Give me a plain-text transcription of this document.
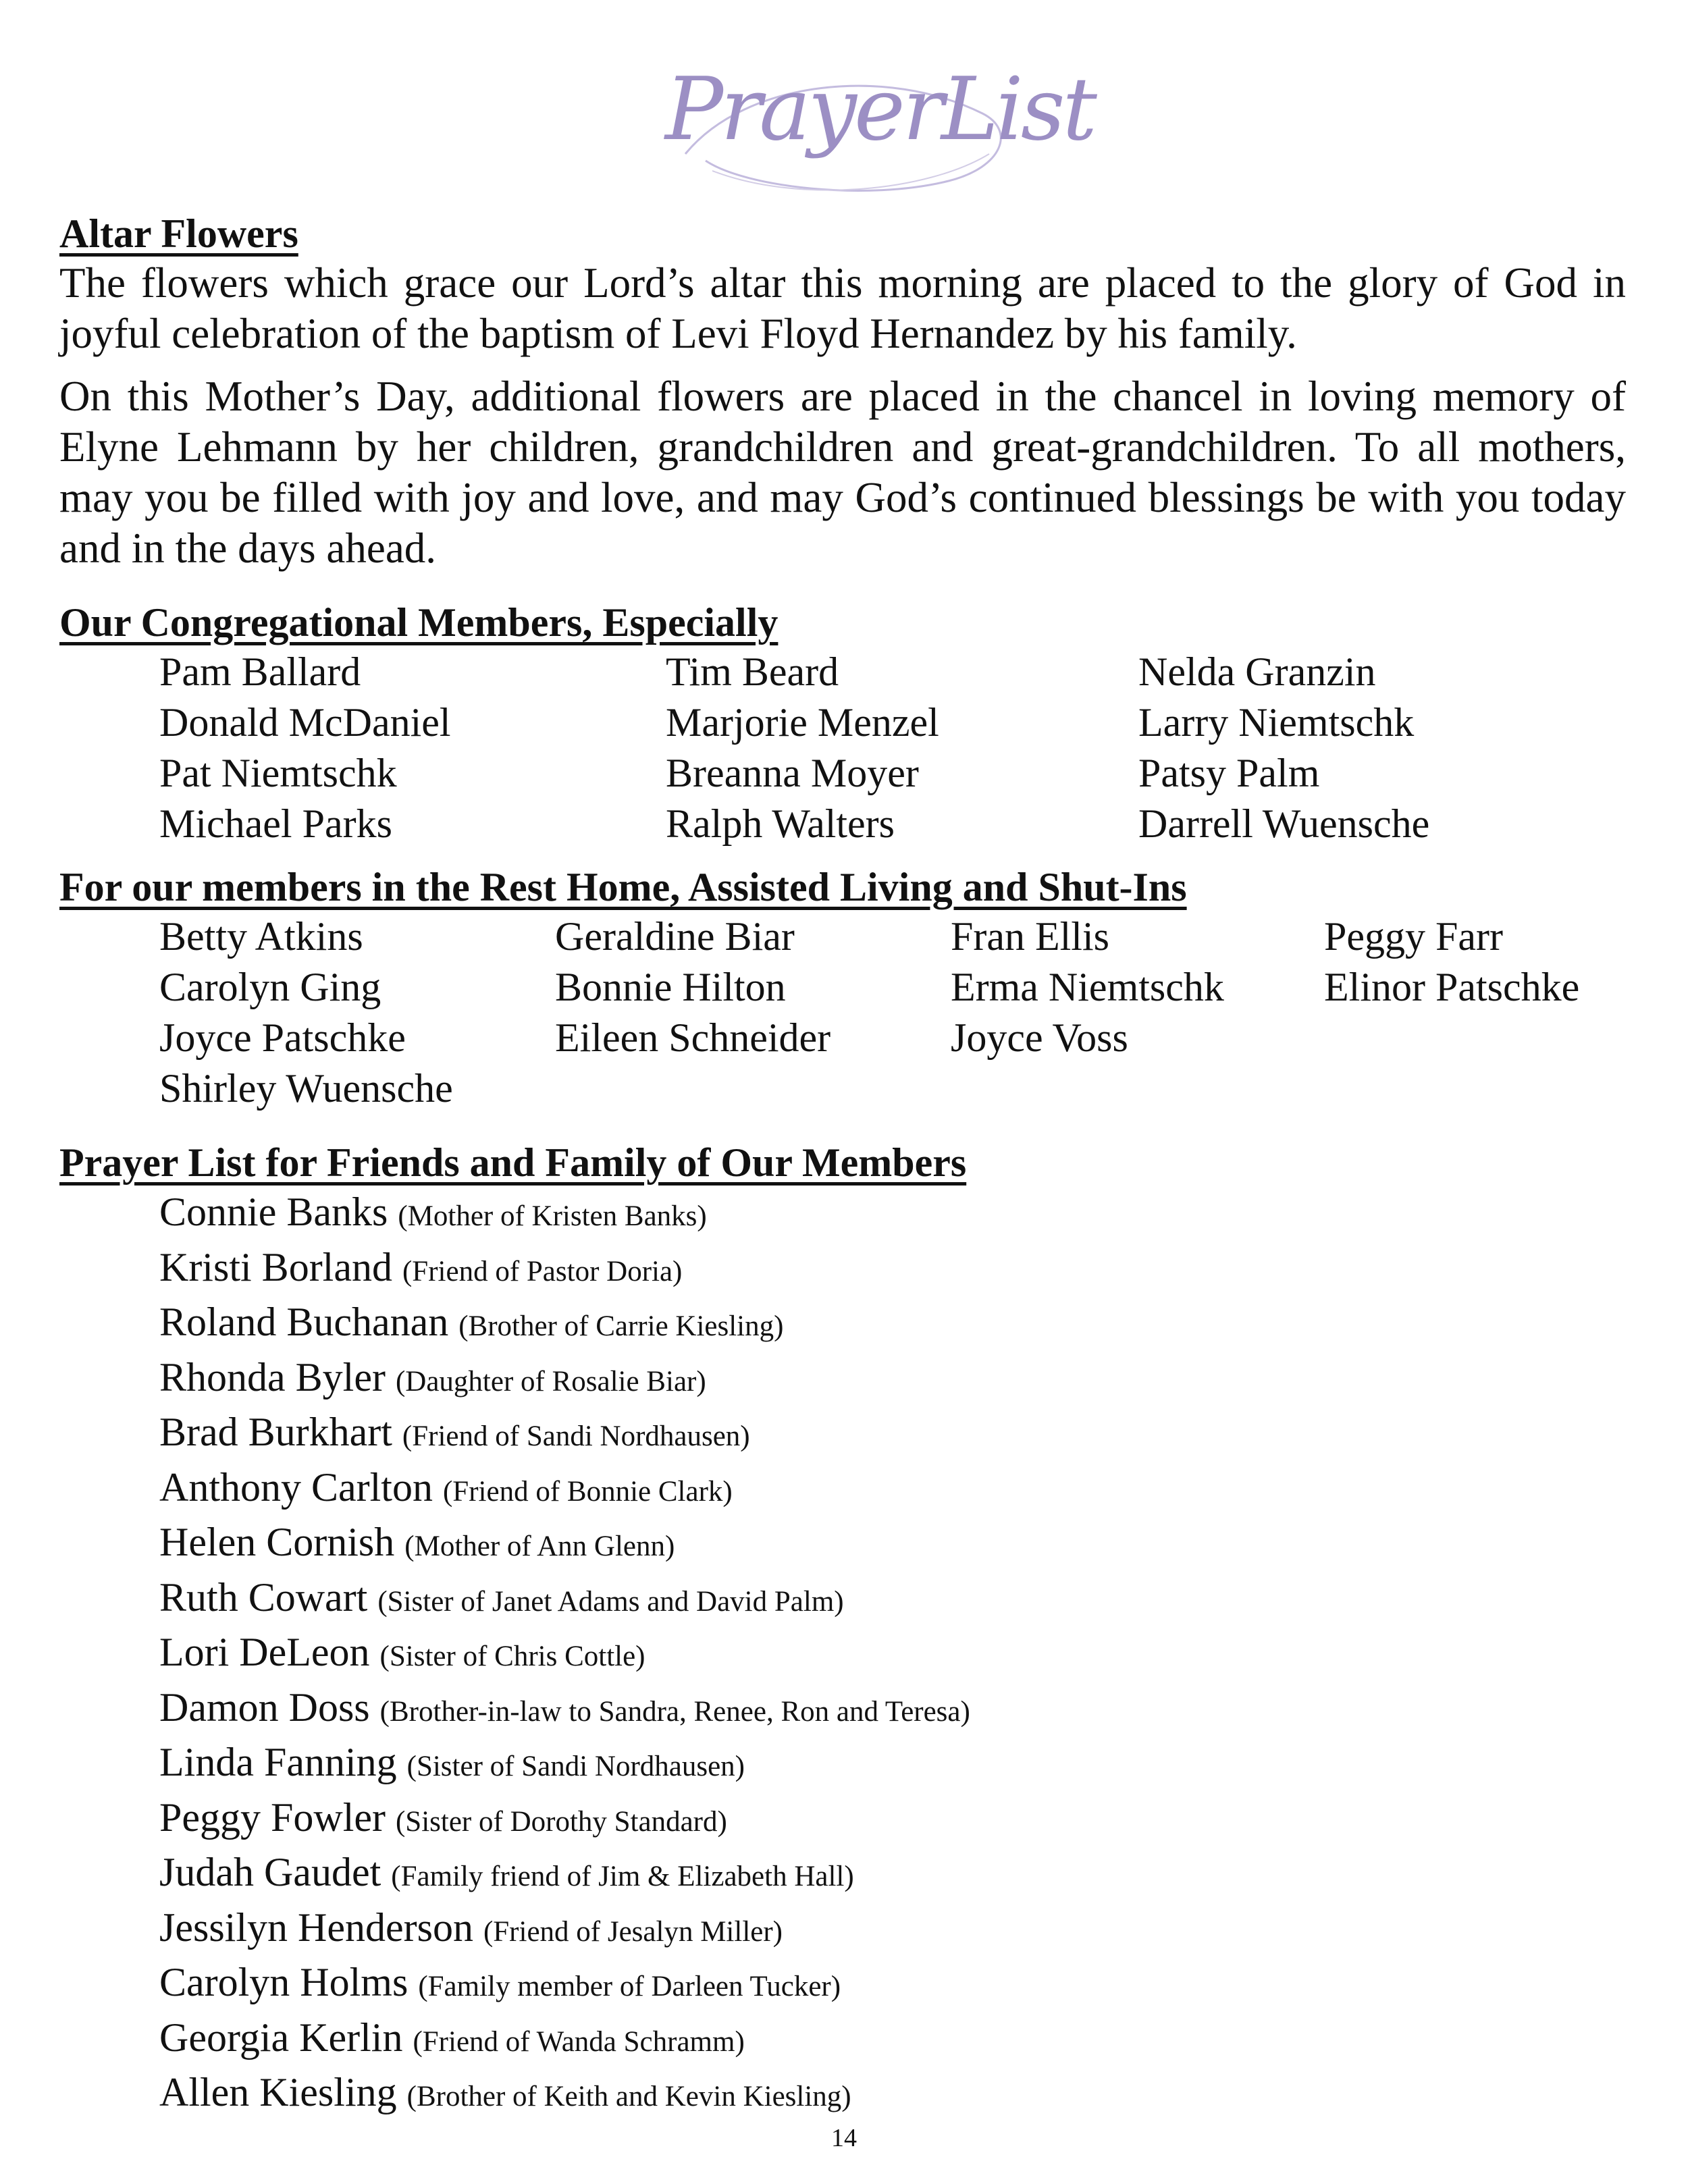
PrayerList
Altar Flowers

The flowers which grace our Lord’s altar this morning are placed to the glory of God in joyful celebration of the baptism of Levi Floyd Hernandez by his family.

On this Mother’s Day, additional flowers are placed in the chancel in loving memory of Elyne Lehmann by her children, grandchildren and great-grandchildren. To all mothers, may you be filled with joy and love, and may God’s continued blessings be with you today and in the days ahead.

Our Congregational Members, Especially
Pam Ballard	Tim Beard	Nelda Granzin
Donald McDaniel	Marjorie Menzel	Larry Niemtschk
Pat Niemtschk	Breanna Moyer	Patsy Palm
Michael Parks	Ralph Walters	Darrell Wuensche
For our members in the Rest Home, Assisted Living and Shut-Ins
Betty Atkins	Geraldine Biar	Fran Ellis	Peggy Farr
Carolyn Ging	Bonnie Hilton	Erma Niemtschk	Elinor Patschke
Joyce Patschke	Eileen Schneider	Joyce Voss
Shirley Wuensche
Prayer List for Friends and Family of Our Members
Connie Banks (Mother of Kristen Banks)
Kristi Borland (Friend of Pastor Doria)
Roland Buchanan (Brother of Carrie Kiesling)
Rhonda Byler (Daughter of Rosalie Biar)
Brad Burkhart (Friend of Sandi Nordhausen)
Anthony Carlton (Friend of Bonnie Clark)
Helen Cornish (Mother of Ann Glenn)
Ruth Cowart (Sister of Janet Adams and David Palm)
Lori DeLeon (Sister of Chris Cottle)
Damon Doss (Brother-in-law to Sandra, Renee, Ron and Teresa)
Linda Fanning (Sister of Sandi Nordhausen)
Peggy Fowler (Sister of Dorothy Standard)
Judah Gaudet (Family friend of Jim & Elizabeth Hall)
Jessilyn Henderson (Friend of Jesalyn Miller)
Carolyn Holms (Family member of Darleen Tucker)
Georgia Kerlin (Friend of Wanda Schramm)
Allen Kiesling (Brother of Keith and Kevin Kiesling)
14
